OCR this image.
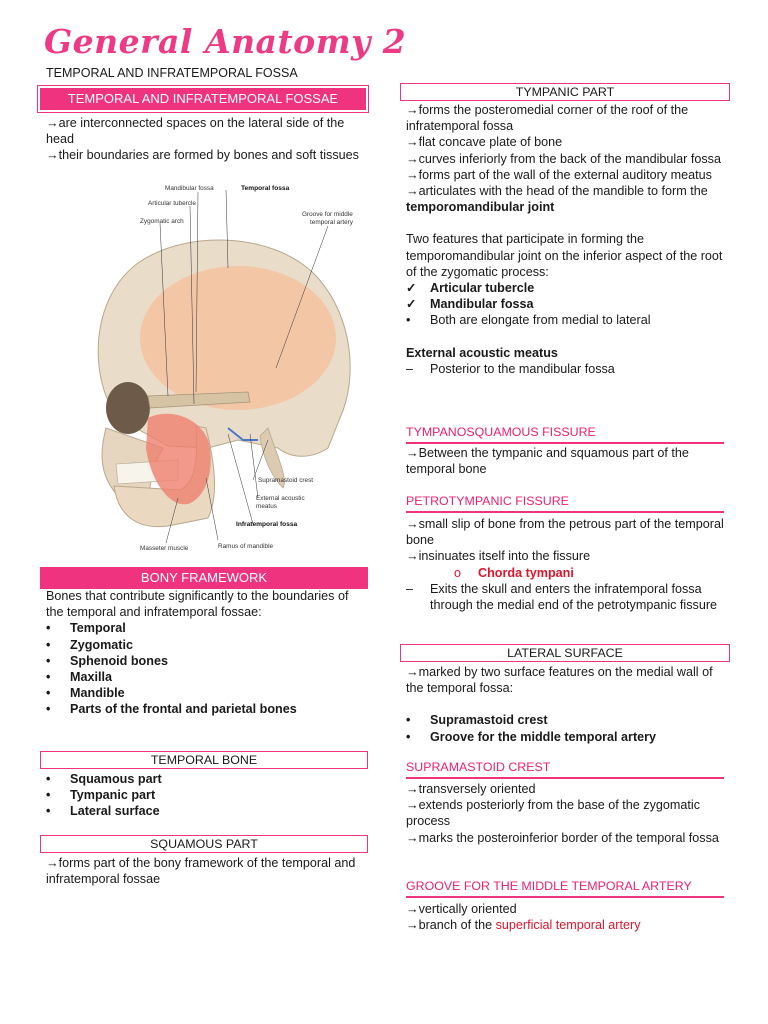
General Anatomy 2
TEMPORAL AND INFRATEMPORAL FOSSA
TEMPORAL AND INFRATEMPORAL FOSSAE

→are interconnected spaces on the lateral side of the head

→their boundaries are formed by bones and soft tissues

Mandibular fossa	Temporal fossa
Articular tubercle
Zygomatic arch
Groove for middle
temporal artery
Supramastoid crest
External acoustic
meatus
Infratemporal fossa
Masseter muscle	Ramus of mandible
BONY FRAMEWORK

Bones that contribute significantly to the boundaries of the temporal and infratemporal fossae:

•	Temporal
•	Zygomatic
•	Sphenoid bones
•	Maxilla
•	Mandible
•	Parts of the frontal and parietal bones
TEMPORAL BONE
•	Squamous part
•	Tympanic part
•	Lateral surface
SQUAMOUS PART

→forms part of the bony framework of the temporal and infratemporal fossae

TYMPANIC PART

→forms the posteromedial corner of the roof of the infratemporal fossa

→flat concave plate of bone

→curves inferiorly from the back of the mandibular fossa

→forms part of the wall of the external auditory meatus

→articulates with the head of the mandible to form the temporomandibular joint

Two features that participate in forming the temporomandibular joint on the inferior aspect of the root of the zygomatic process:

✓	Articular tubercle
✓	Mandibular fossa
•	Both are elongate from medial to lateral

External acoustic meatus

–	Posterior to the mandibular fossa
TYMPANOSQUAMOUS FISSURE

→Between the tympanic and squamous part of the temporal bone

PETROTYMPANIC FISSURE

→small slip of bone from the petrous part of the temporal bone

→insinuates itself into the fissure

o	Chorda tympani
–	Exits the skull and enters the infratemporal fossa through the medial end of the petrotympanic fissure
LATERAL SURFACE

→marked by two surface features on the medial wall of the temporal fossa:

•	Supramastoid crest
•	Groove for the middle temporal artery
SUPRAMASTOID CREST

→transversely oriented

→extends posteriorly from the base of the zygomatic process

→marks the posteroinferior border of the temporal fossa

GROOVE FOR THE MIDDLE TEMPORAL ARTERY

→vertically oriented

→branch of the superficial temporal artery
